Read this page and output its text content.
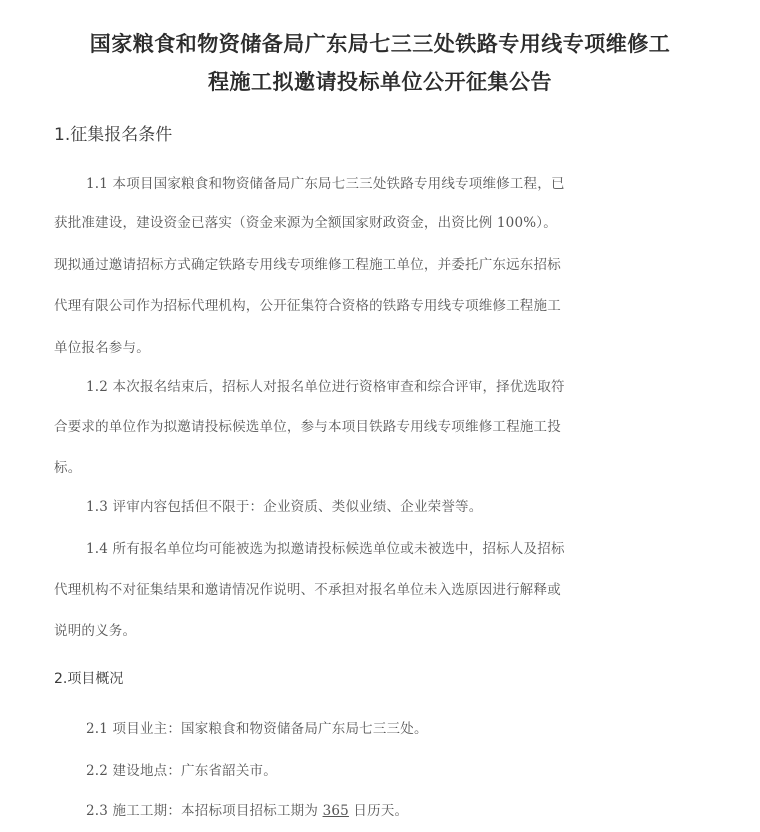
国家粮食和物资储备局广东局七三三处铁路专用线专项维修工
程施工拟邀请投标单位公开征集公告
1.征集报名条件
1.1 本项目国家粮食和物资储备局广东局七三三处铁路专用线专项维修工程，已
获批准建设，建设资金已落实（资金来源为全额国家财政资金，出资比例 100%）。
现拟通过邀请招标方式确定铁路专用线专项维修工程施工单位，并委托广东远东招标
代理有限公司作为招标代理机构，公开征集符合资格的铁路专用线专项维修工程施工
单位报名参与。
1.2 本次报名结束后，招标人对报名单位进行资格审查和综合评审，择优选取符
合要求的单位作为拟邀请投标候选单位，参与本项目铁路专用线专项维修工程施工投
标。
1.3 评审内容包括但不限于：企业资质、类似业绩、企业荣誉等。
1.4 所有报名单位均可能被选为拟邀请投标候选单位或未被选中，招标人及招标
代理机构不对征集结果和邀请情况作说明、不承担对报名单位未入选原因进行解释或
说明的义务。
2.项目概况
2.1 项目业主：国家粮食和物资储备局广东局七三三处。
2.2 建设地点：广东省韶关市。
2.3 施工工期：本招标项目招标工期为 365 日历天。
